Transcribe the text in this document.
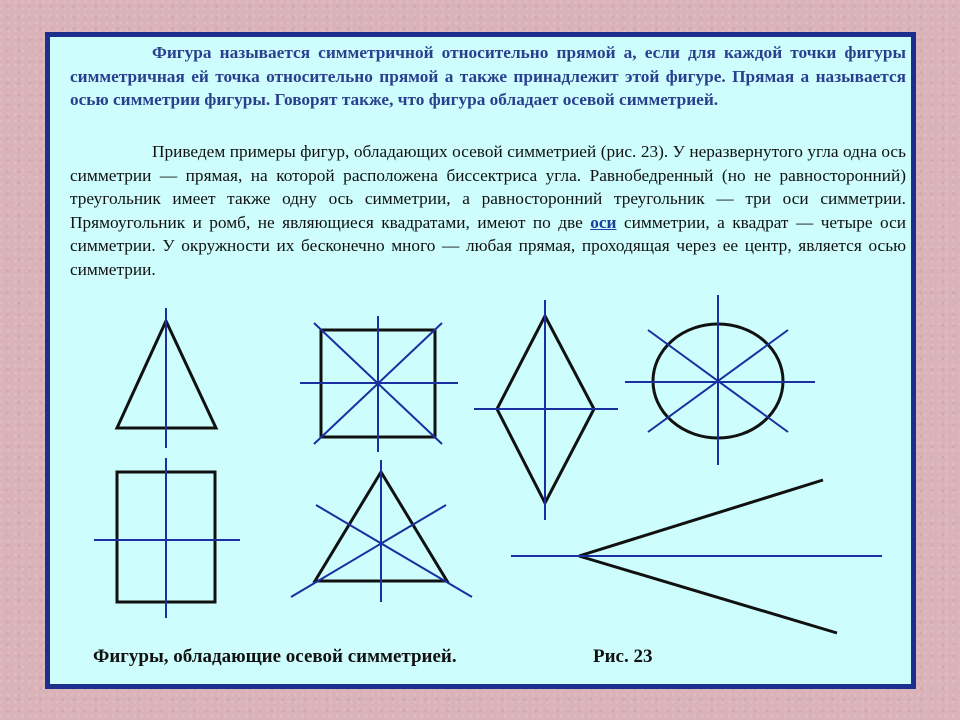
Фигура называется симметричной относительно прямой а, если для каждой точки фигуры симметричная ей точка относительно прямой а также принадлежит этой фигуре. Прямая а называется осью симметрии фигуры. Говорят также, что фигура обладает осевой симметрией.

Приведем примеры фигур, обладающих осевой симметрией (рис. 23). У неразвернутого угла одна ось симметрии — прямая, на которой расположена биссектриса угла. Равнобедренный (но не равносторонний) треугольник имеет также одну ось симметрии, а равносторонний треугольник — три оси симметрии. Прямоугольник и ромб, не являющиеся квадратами, имеют по две оси симметрии, а квадрат — четыре оси симметрии. У окружности их бесконечно много — любая прямая, проходящая через ее центр, является осью симметрии.

Фигуры, обладающие осевой симметрией.	Рис. 23
